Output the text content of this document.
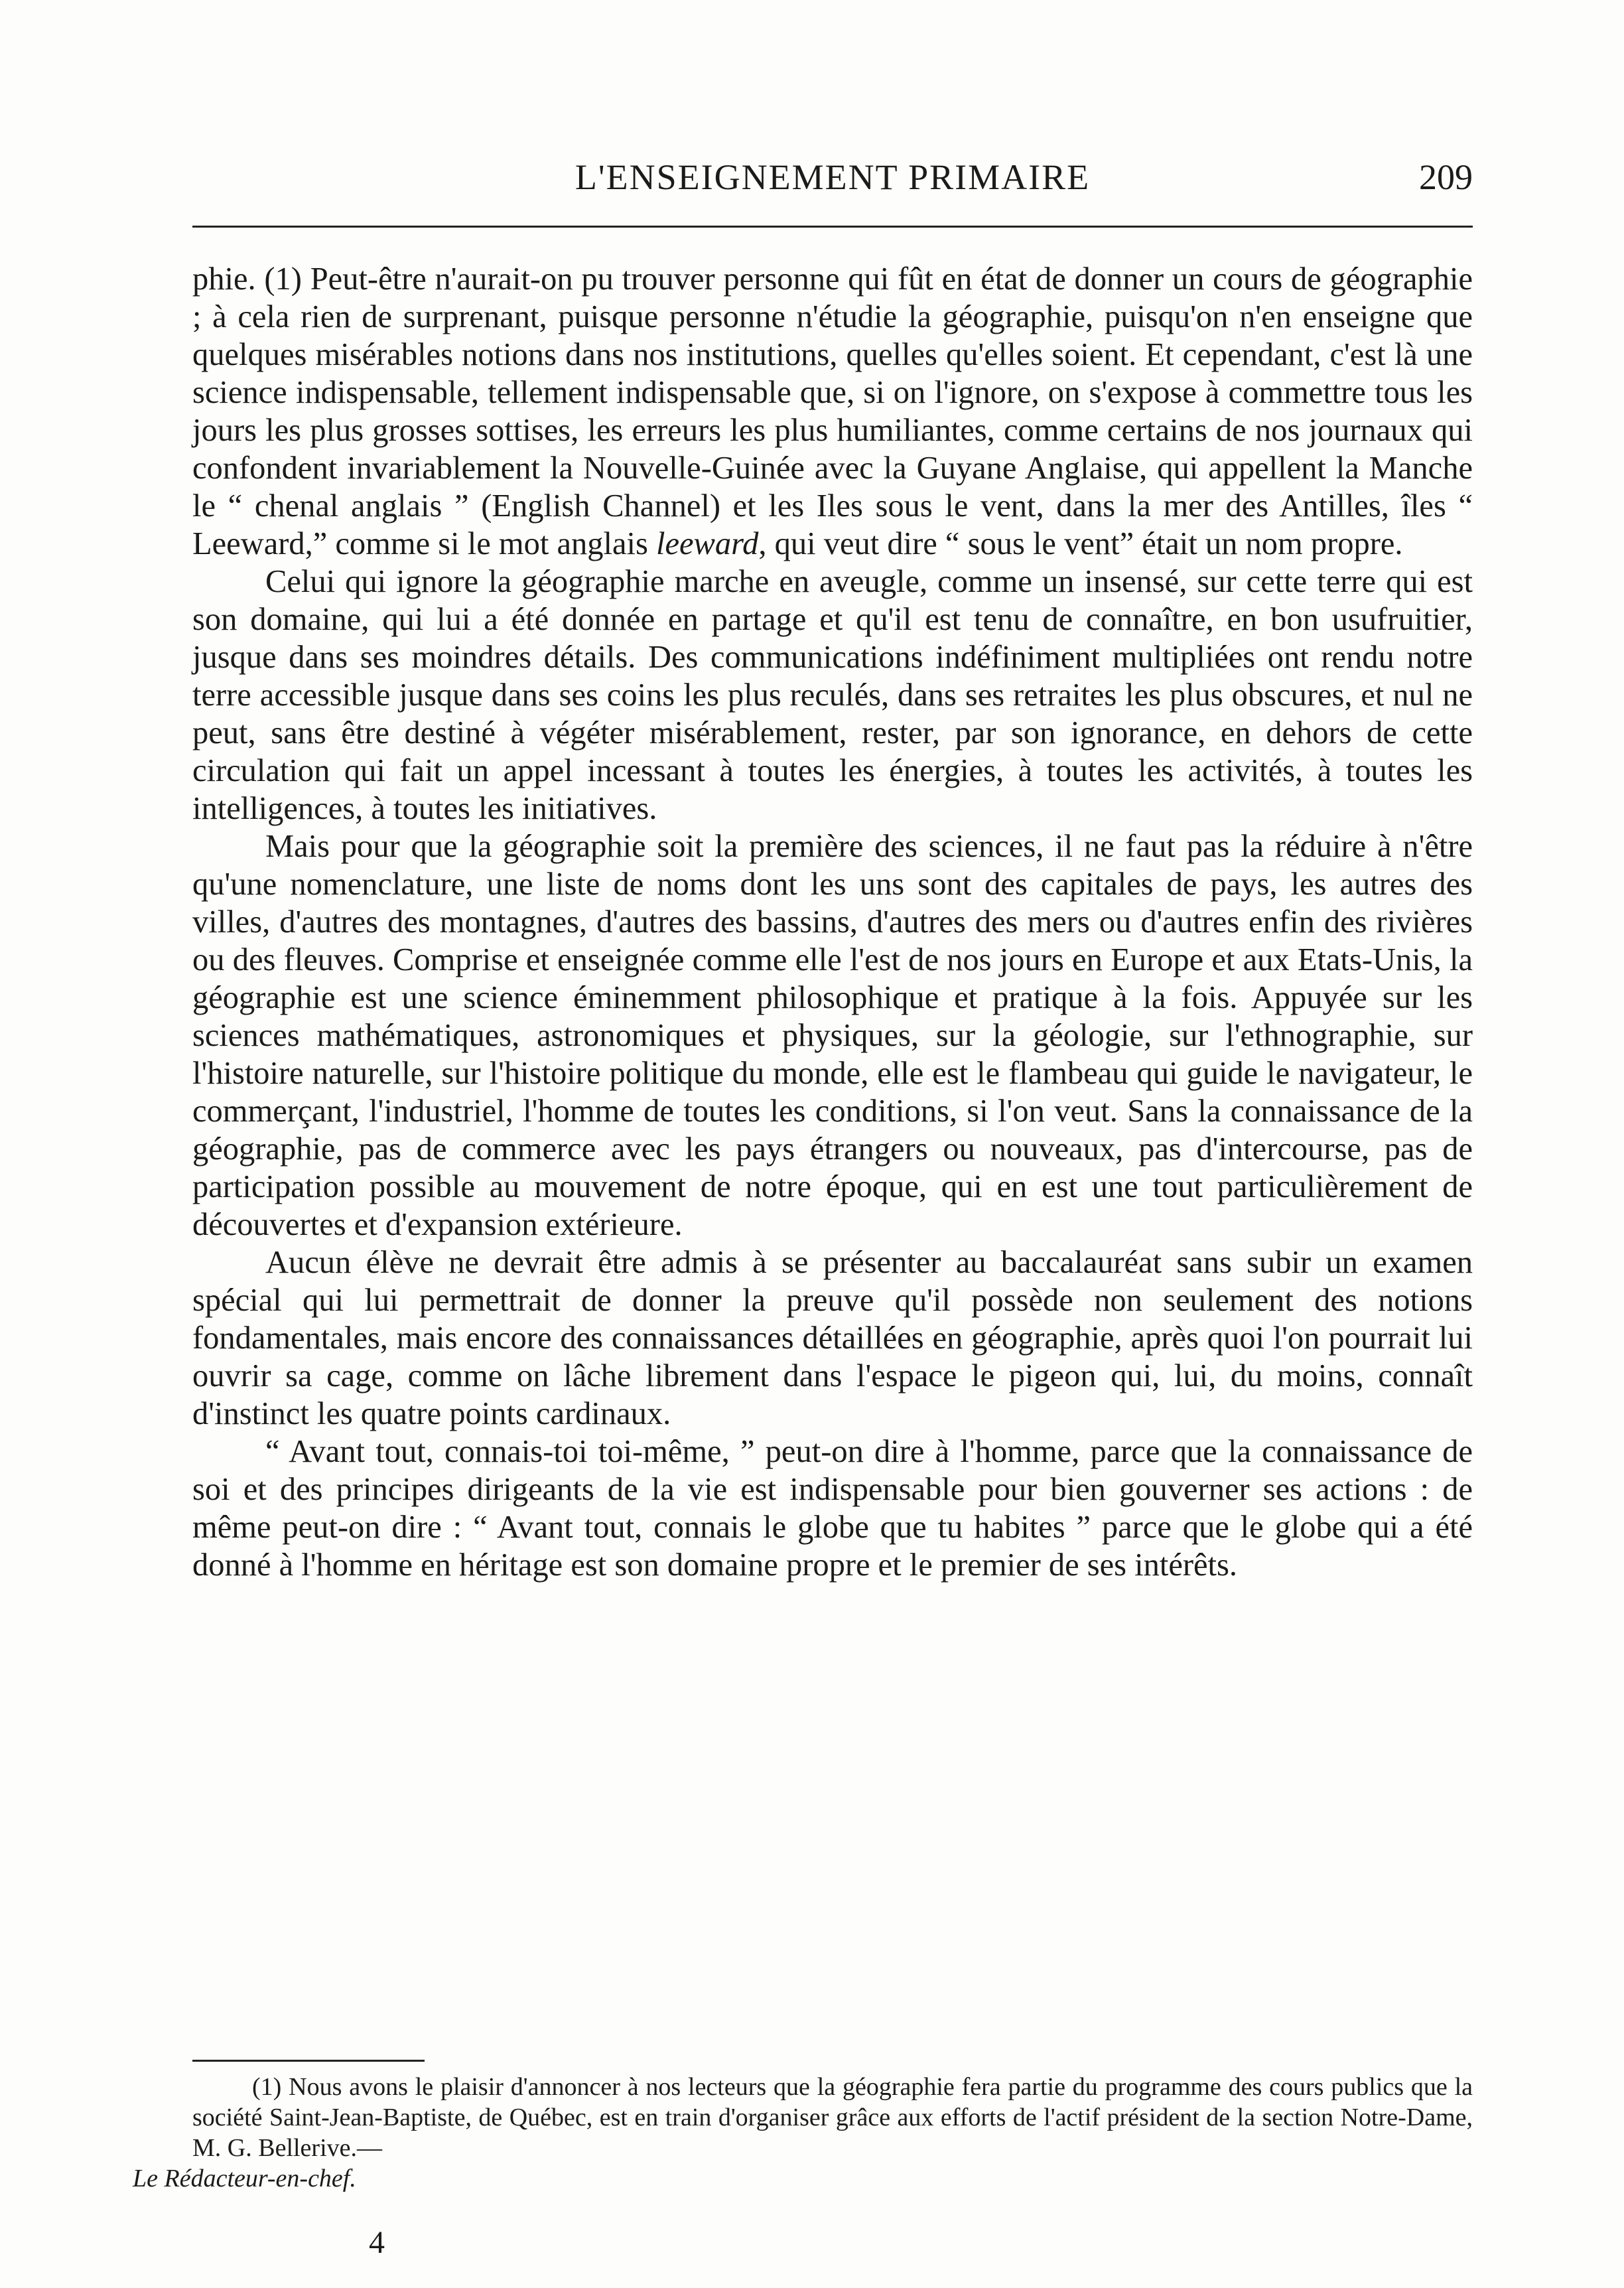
L'ENSEIGNEMENT PRIMAIRE	209

phie. (1) Peut-être n'aurait-on pu trouver personne qui fût en état de donner un cours de géographie ; à cela rien de surprenant, puisque personne n'étudie la géographie, puisqu'on n'en enseigne que quelques misérables notions dans nos institutions, quelles qu'elles soient. Et cependant, c'est là une science indispensable, tellement indispensable que, si on l'ignore, on s'expose à commettre tous les jours les plus grosses sottises, les erreurs les plus humiliantes, comme certains de nos journaux qui confondent invariablement la Nouvelle-Guinée avec la Guyane Anglaise, qui appellent la Manche le “ chenal anglais ” (English Channel) et les Iles sous le vent, dans la mer des Antilles, îles “ Leeward,” comme si le mot anglais leeward, qui veut dire “ sous le vent” était un nom propre.

Celui qui ignore la géographie marche en aveugle, comme un insensé, sur cette terre qui est son domaine, qui lui a été donnée en partage et qu'il est tenu de connaître, en bon usufruitier, jusque dans ses moindres détails. Des communications indéfiniment multipliées ont rendu notre terre accessible jusque dans ses coins les plus reculés, dans ses retraites les plus obscures, et nul ne peut, sans être destiné à végéter misérablement, rester, par son ignorance, en dehors de cette circulation qui fait un appel incessant à toutes les énergies, à toutes les activités, à toutes les intelligences, à toutes les initiatives.

Mais pour que la géographie soit la première des sciences, il ne faut pas la réduire à n'être qu'une nomenclature, une liste de noms dont les uns sont des capitales de pays, les autres des villes, d'autres des montagnes, d'autres des bassins, d'autres des mers ou d'autres enfin des rivières ou des fleuves. Comprise et enseignée comme elle l'est de nos jours en Europe et aux Etats-Unis, la géographie est une science éminemment philosophique et pratique à la fois. Appuyée sur les sciences mathématiques, astronomiques et physiques, sur la géologie, sur l'ethnographie, sur l'histoire naturelle, sur l'histoire politique du monde, elle est le flambeau qui guide le navigateur, le commerçant, l'industriel, l'homme de toutes les conditions, si l'on veut. Sans la connaissance de la géographie, pas de commerce avec les pays étrangers ou nouveaux, pas d'intercourse, pas de participation possible au mouvement de notre époque, qui en est une tout particulièrement de découvertes et d'expansion extérieure.

Aucun élève ne devrait être admis à se présenter au baccalauréat sans subir un examen spécial qui lui permettrait de donner la preuve qu'il possède non seulement des notions fondamentales, mais encore des connaissances détaillées en géographie, après quoi l'on pourrait lui ouvrir sa cage, comme on lâche librement dans l'espace le pigeon qui, lui, du moins, connaît d'instinct les quatre points cardinaux.

“ Avant tout, connais-toi toi-même, ” peut-on dire à l'homme, parce que la connaissance de soi et des principes dirigeants de la vie est indispensable pour bien gouverner ses actions : de même peut-on dire : “ Avant tout, connais le globe que tu habites ” parce que le globe qui a été donné à l'homme en héritage est son domaine propre et le premier de ses intérêts.

(1) Nous avons le plaisir d'annoncer à nos lecteurs que la géographie fera partie du programme des cours publics que la société Saint-Jean-Baptiste, de Québec, est en train d'organiser grâce aux efforts de l'actif président de la section Notre-Dame, M. G. Bellerive.—
Le Rédacteur-en-chef.
4
